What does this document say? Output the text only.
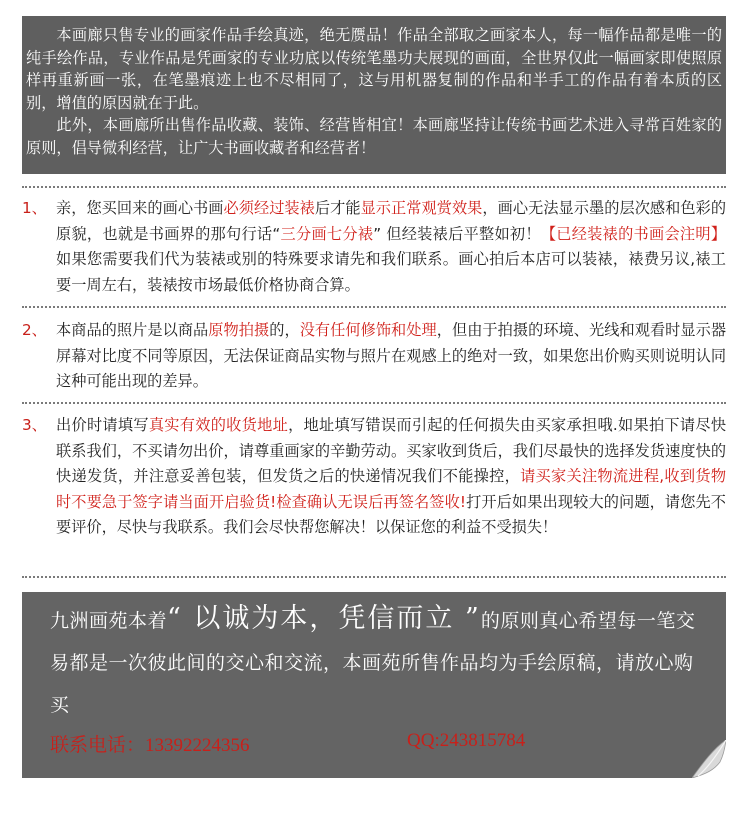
本画廊只售专业的画家作品手绘真迹，绝无赝品！作品全部取之画家本人，每一幅作品都是唯一的纯手绘作品，专业作品是凭画家的专业功底以传统笔墨功夫展现的画面，全世界仅此一幅画家即使照原样再重新画一张，在笔墨痕迹上也不尽相同了，这与用机器复制的作品和半手工的作品有着本质的区别，增值的原因就在于此。

此外，本画廊所出售作品收藏、装饰、经营皆相宜！本画廊坚持让传统书画艺术进入寻常百姓家的原则，倡导微利经营，让广大书画收藏者和经营者！

1、 亲，您买回来的画心书画必须经过装裱后才能显示正常观赏效果，画心无法显示墨的层次感和色彩的原貌，也就是书画界的那句行话“三分画七分裱” 但经装裱后平整如初！【已经装裱的书画会注明】如果您需要我们代为装裱或别的特殊要求请先和我们联系。画心拍后本店可以装裱，裱费另议,裱工要一周左右，装裱按市场最低价格协商合算。
2、 本商品的照片是以商品原物拍摄的，没有任何修饰和处理，但由于拍摄的环境、光线和观看时显示器屏幕对比度不同等原因，无法保证商品实物与照片在观感上的绝对一致，如果您出价购买则说明认同这种可能出现的差异。
3、 出价时请填写真实有效的收货地址，地址填写错误而引起的任何损失由买家承担哦.如果拍下请尽快联系我们，不买请勿出价，请尊重画家的辛勤劳动。买家收到货后，我们尽最快的选择发货速度快的快递发货，并注意妥善包装，但发货之后的快递情况我们不能操控，请买家关注物流进程,收到货物时不要急于签字请当面开启验货!检查确认无误后再签名签收!打开后如果出现较大的问题，请您先不要评价，尽快与我联系。我们会尽快帮您解决！以保证您的利益不受损失！
九洲画苑本着“ 以诚为本，凭信而立 ”的原则真心希望每一笔交易都是一次彼此间的交心和交流，本画苑所售作品均为手绘原稿，请放心购买
联系电话：13392224356	QQ:243815784
